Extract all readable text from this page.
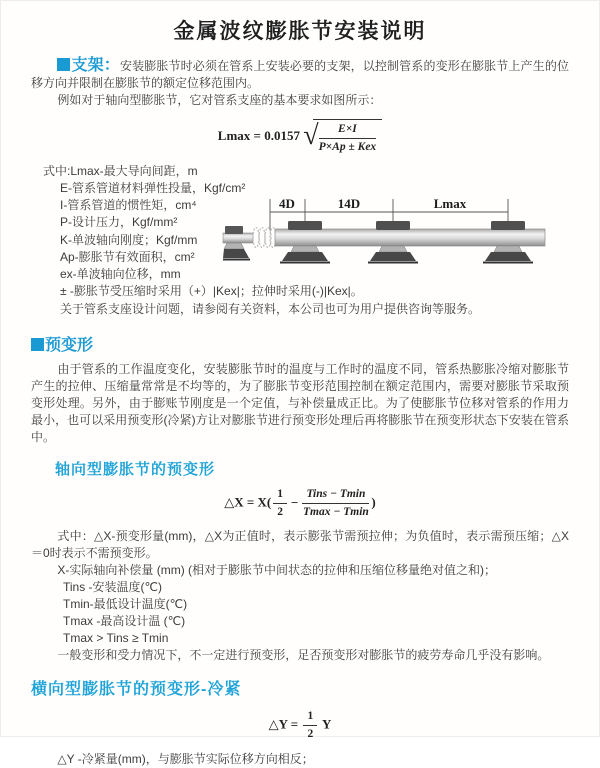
金属波纹膨胀节安装说明

支架：安装膨胀节时必须在管系上安装必要的支架，以控制管系的变形在膨胀节上产生的位移方向并限制在膨胀节的额定位移范围内。

例如对于轴向型膨胀节，它对管系支座的基本要求如图所示：

Lmax = 0.0157 √
$\frac{E\times I}{\text{P×Ap ± Kex}}$

式中:Lmax-最大导向间距，m

E-管系管道材料弹性投量，Kgf/cm²

I-管系管道的惯性矩，cm⁴

P-设计压力，Kgf/mm²

K-单波轴向刚度；Kgf/mm

Ap-膨胀节有效面积，cm²

ex-单波轴向位移，mm

± -膨胀节受压缩时采用（+）|Kex|；拉伸时采用(-)|Kex|。

关于管系支座设计问题，请参阅有关资料，本公司也可为用户提供咨询等服务。

4D	14D	Lmax
预变形

由于管系的工作温度变化，安装膨胀节时的温度与工作时的温度不同，管系热膨胀冷缩对膨胀节产生的拉伸、压缩量常常是不均等的，为了膨胀节变形范围控制在额定范围内，需要对膨胀节采取预变形处理。另外，由于膨账节刚度是一个定值，与补偿量成正比。为了使膨胀节位移对管系的作用力最小，也可以采用预变形(冷紧)方让对膨胀节进行预变形处理后再将膨胀节在预变形状态下安装在管系中。

轴向型膨胀节的预变形
△X = $X( \frac{1}{2} - \frac{\text{Tins − Tmin}}{Tmax - Tmin}$ )

式中：△X-预变形量(mm)，△X为正值时，表示膨张节需预拉伸；为负值时，表示需预压缩；△X＝0时表示不需预变形。

X-实际轴向补偿量 (mm) (相对于膨胀节中间状态的拉伸和压缩位移量绝对值之和)；

Tins -安装温度(℃)

Tmin-最低设计温度(℃)

Tmax -最高设计温 (℃)

Tmax > Tins ≥ Tmin

一般变形和受力情况下，不一定进行预变形，足否预变形对膨胀节的疲劳寿命几乎没有影响。

横向型膨胀节的预变形-冷紧
△Y = $\frac{1}{2}$ Y

△Y -冷紧量(mm)，与膨胀节实际位移方向相反；
